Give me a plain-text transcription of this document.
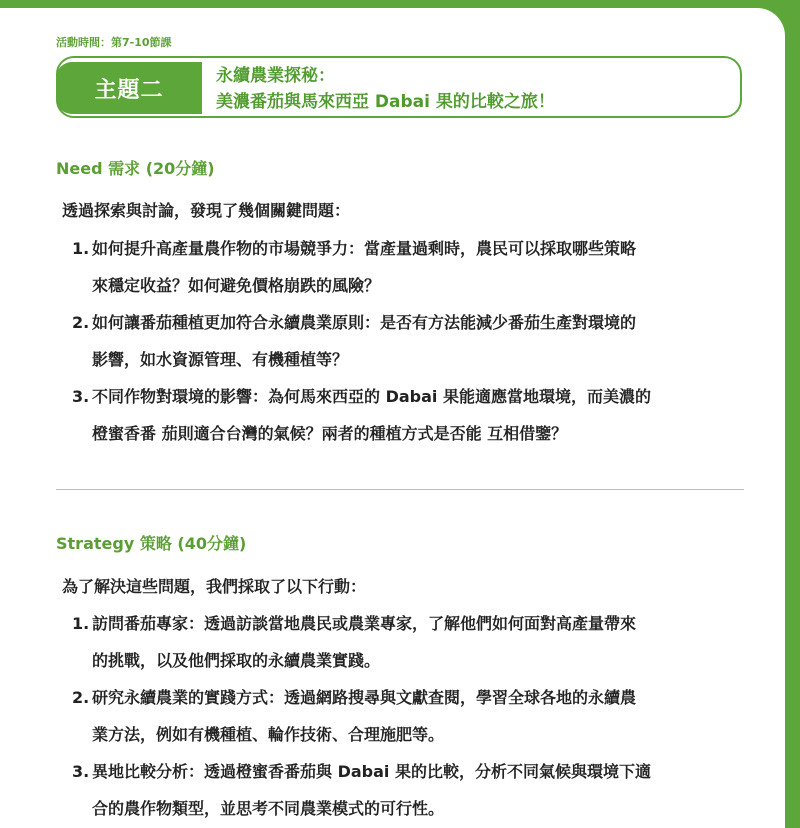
活動時間：第7-10節課
主題二
永續農業探秘：
美濃番茄與馬來西亞 Dabai 果的比較之旅！
Need 需求 (20分鐘)

透過探索與討論，發現了幾個關鍵問題：

1. 如何提升高產量農作物的市場競爭力：當產量過剩時，農民可以採取哪些策略
來穩定收益？如何避免價格崩跌的風險？
2. 如何讓番茄種植更加符合永續農業原則：是否有方法能減少番茄生產對環境的
影響，如水資源管理、有機種植等？
3. 不同作物對環境的影響：為何馬來西亞的 Dabai 果能適應當地環境，而美濃的
橙蜜香番 茄則適合台灣的氣候？兩者的種植方式是否能 互相借鑒？
Strategy 策略 (40分鐘)

為了解決這些問題，我們採取了以下行動：

1. 訪問番茄專家：透過訪談當地農民或農業專家，了解他們如何面對高產量帶來
的挑戰，以及他們採取的永續農業實踐。
2. 研究永續農業的實踐方式：透過網路搜尋與文獻查閱，學習全球各地的永續農
業方法，例如有機種植、輪作技術、合理施肥等。
3. 異地比較分析：透過橙蜜香番茄與 Dabai 果的比較，分析不同氣候與環境下適
合的農作物類型，並思考不同農業模式的可行性。
